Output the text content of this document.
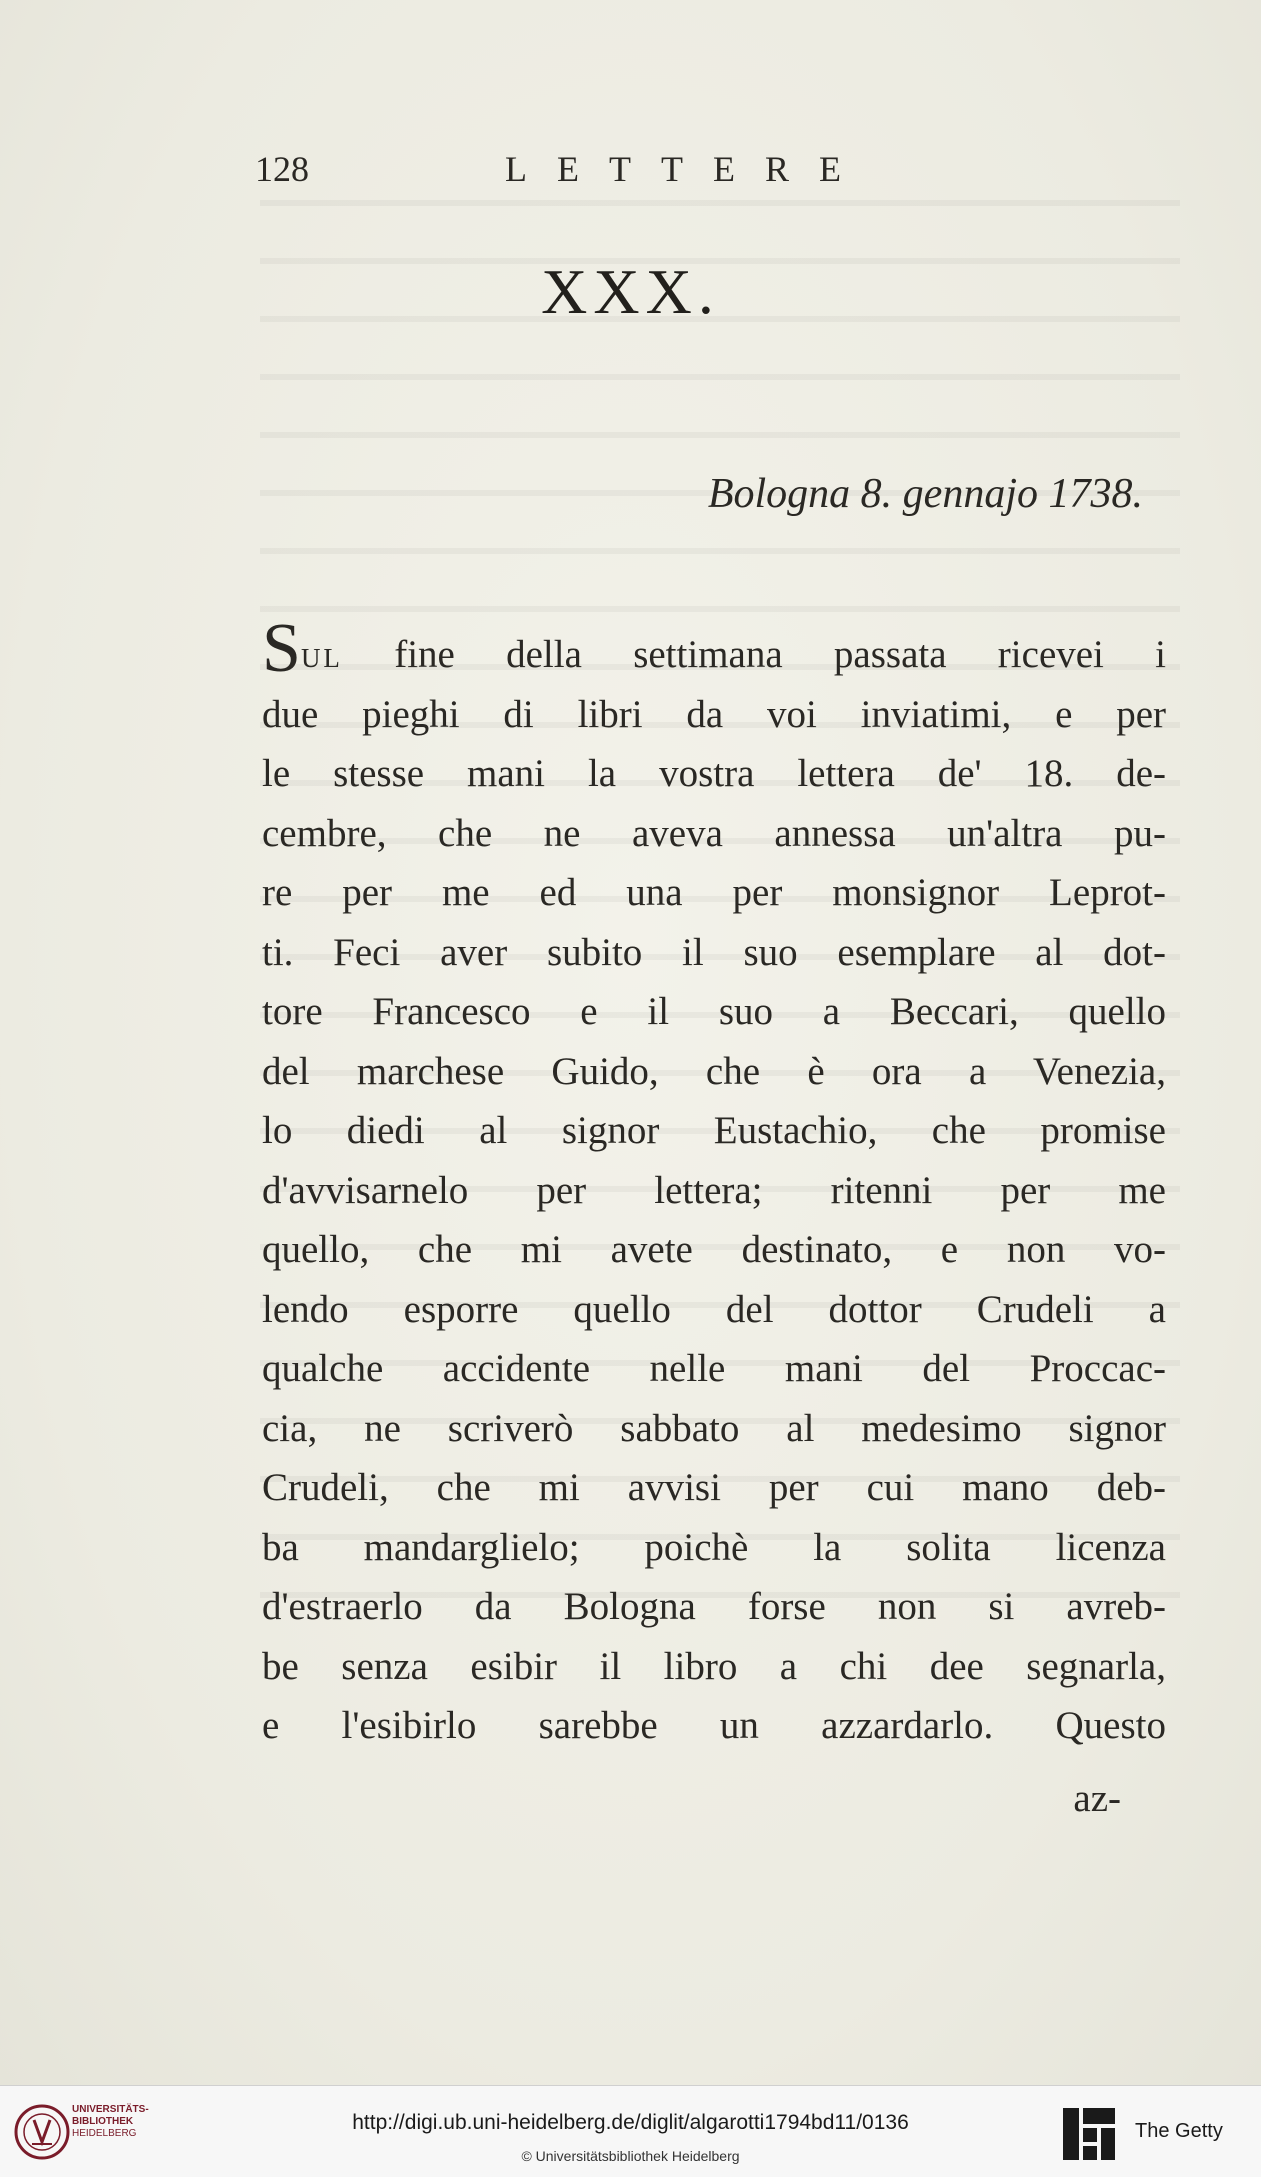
128	LETTERE
XXX.
Bologna 8. gennajo 1738.
Sul fine della settimana passata ricevei i
due pieghi di libri da voi inviatimi, e per
le stesse mani la vostra lettera de' 18. de-
cembre, che ne aveva annessa un'altra pu-
re per me ed una per monsignor Leprot-
ti. Feci aver subito il suo esemplare al dot-
tore Francesco e il suo a Beccari, quello
del marchese Guido, che è ora a Venezia,
lo diedi al signor Eustachio, che promise
d'avvisarnelo per lettera; ritenni per me
quello, che mi avete destinato, e non vo-
lendo esporre quello del dottor Crudeli a
qualche accidente nelle mani del Proccac-
cia, ne scriverò sabbato al medesimo signor
Crudeli, che mi avvisi per cui mano deb-
ba mandarglielo; poichè la solita licenza
d'estraerlo da Bologna forse non si avreb-
be senza esibir il libro a chi dee segnarla,
e l'esibirlo sarebbe un azzardarlo. Questo
az-
UNIVERSITÄTS-
BIBLIOTHEK
HEIDELBERG	http://digi.ub.uni-heidelberg.de/diglit/algarotti1794bd11/0136
© Universitätsbibliothek Heidelberg
The Getty
